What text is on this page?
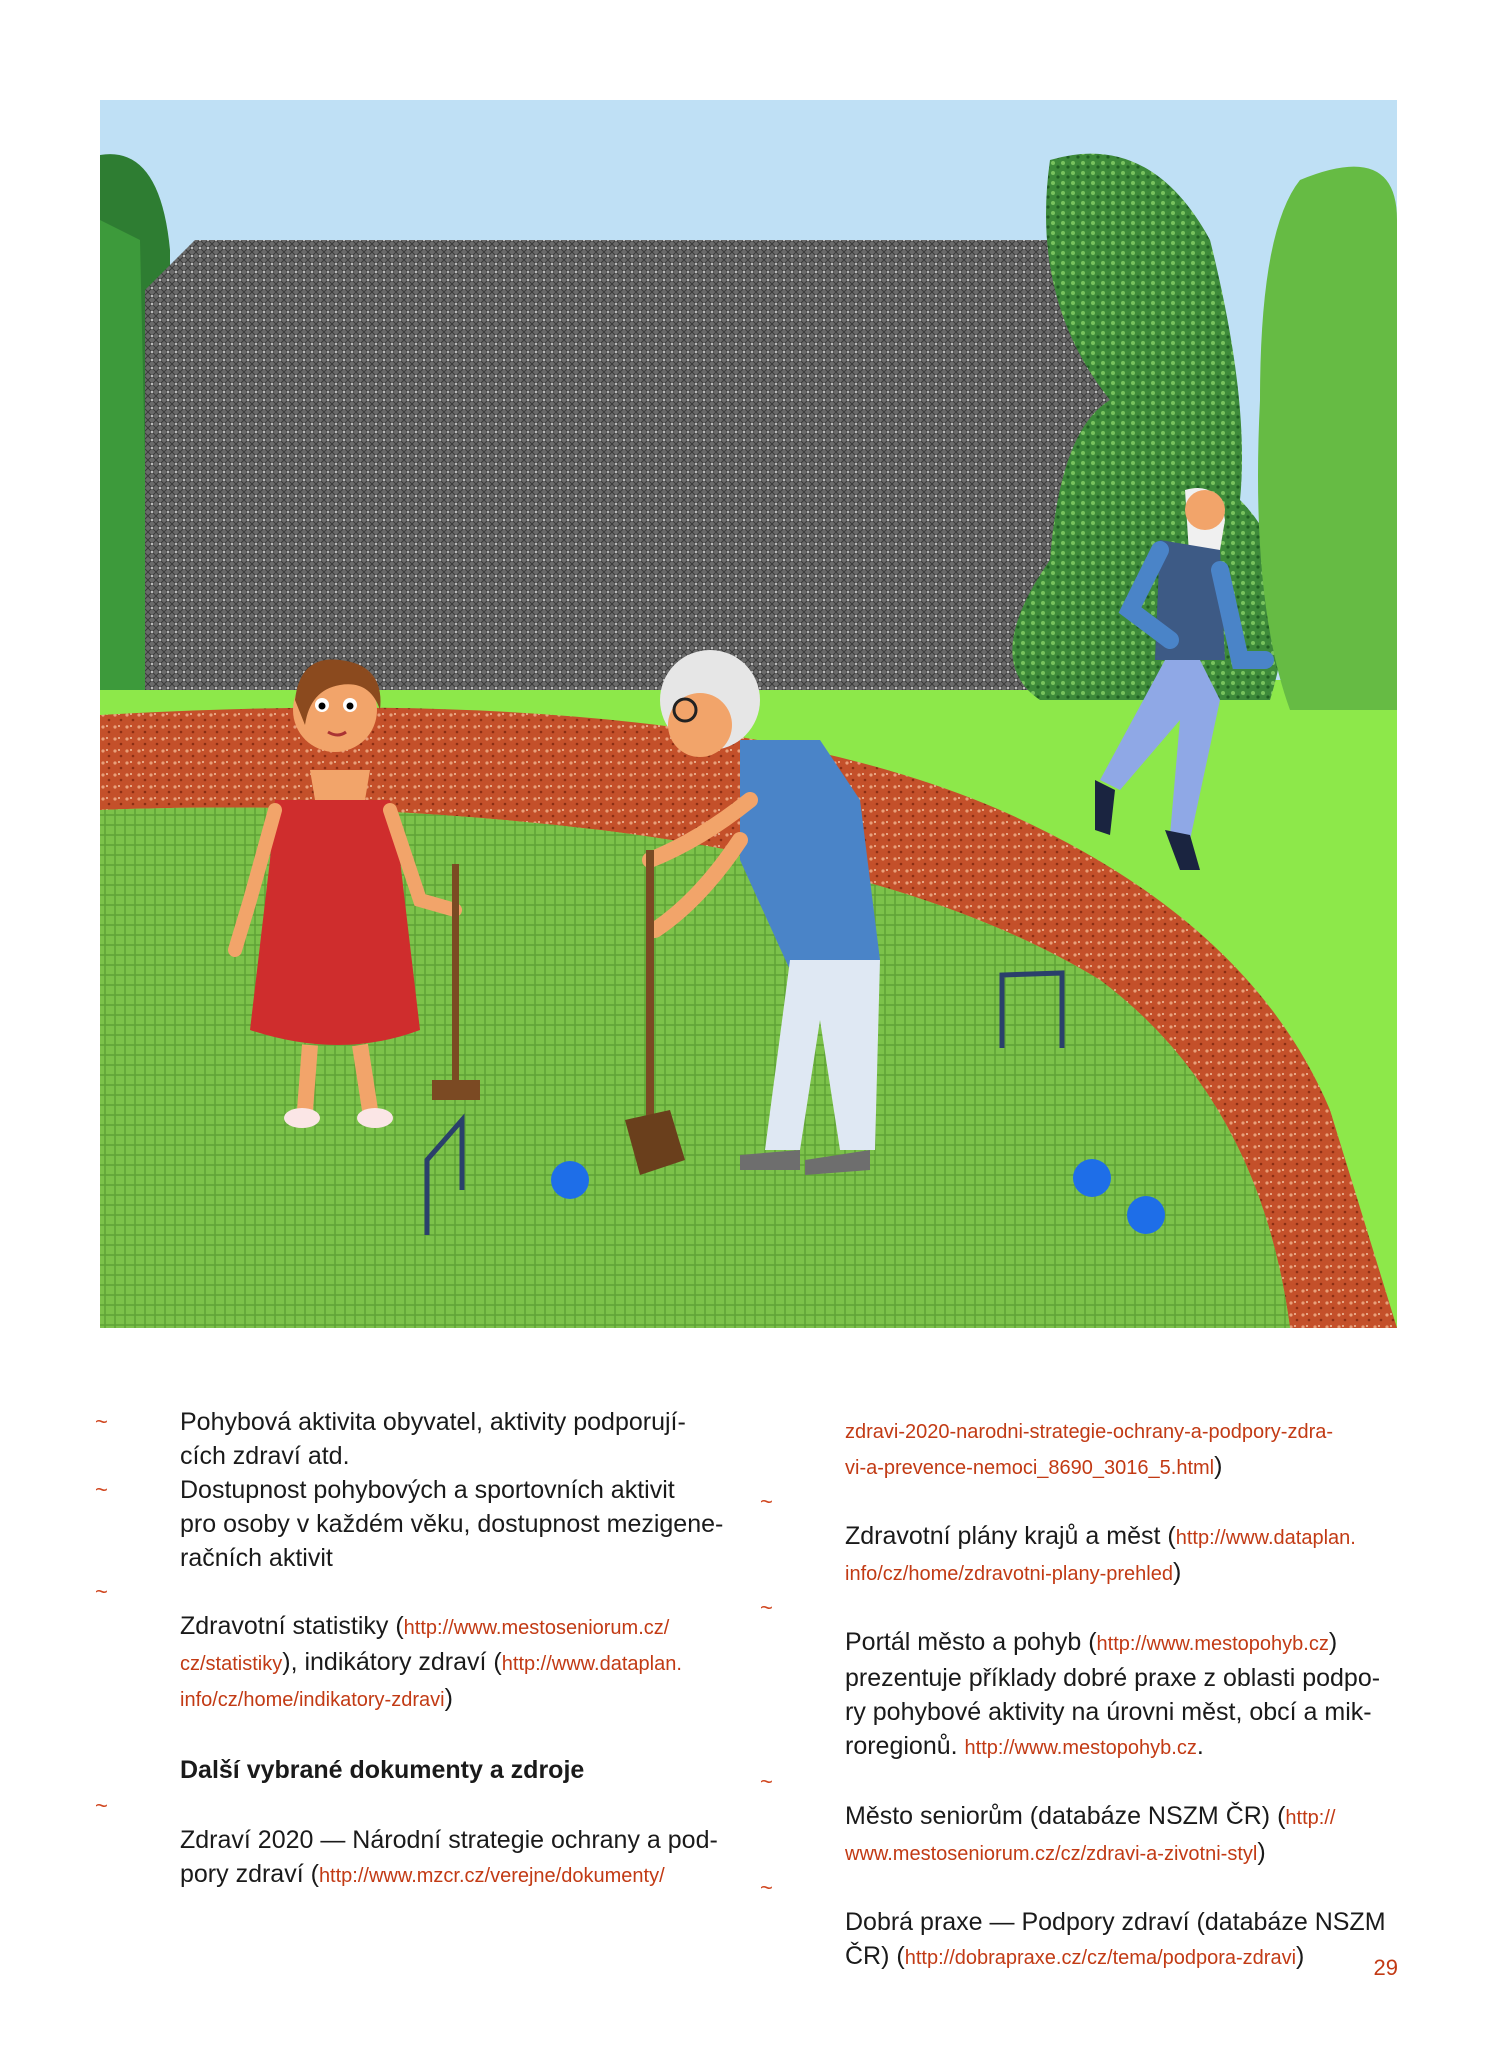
~	Pohybová aktivita obyvatel, aktivity podporují-
cích zdraví atd.
~	Dostupnost pohybových a sportovních aktivit
pro osoby v každém věku, dostupnost mezigene-
račních aktivit

~
Zdravotní statistiky (http://www.mestoseniorum.cz/
cz/statistiky), indikátory zdraví (http://www.dataplan.
info/cz/home/indikatory-zdravi)

Další vybrané dokumenty a zdroje

~
Zdraví 2020 — Národní strategie ochrany a pod-
pory zdraví (http://www.mzcr.cz/verejne/dokumenty/

zdravi-2020-narodni-strategie-ochrany-a-podpory-zdra-
vi-a-prevence-nemoci_8690_3016_5.html)

~
Zdravotní plány krajů a měst (http://www.dataplan.
info/cz/home/zdravotni-plany-prehled)

~
Portál město a pohyb (http://www.mestopohyb.cz)
prezentuje příklady dobré praxe z oblasti podpo-
ry pohybové aktivity na úrovni měst, obcí a mik-
roregionů. http://www.mestopohyb.cz.

~
Město seniorům (databáze NSZM ČR) (http://
www.mestoseniorum.cz/cz/zdravi-a-zivotni-styl)

~
Dobrá praxe — Podpory zdraví (databáze NSZM
ČR) (http://dobrapraxe.cz/cz/tema/podpora-zdravi)	29
